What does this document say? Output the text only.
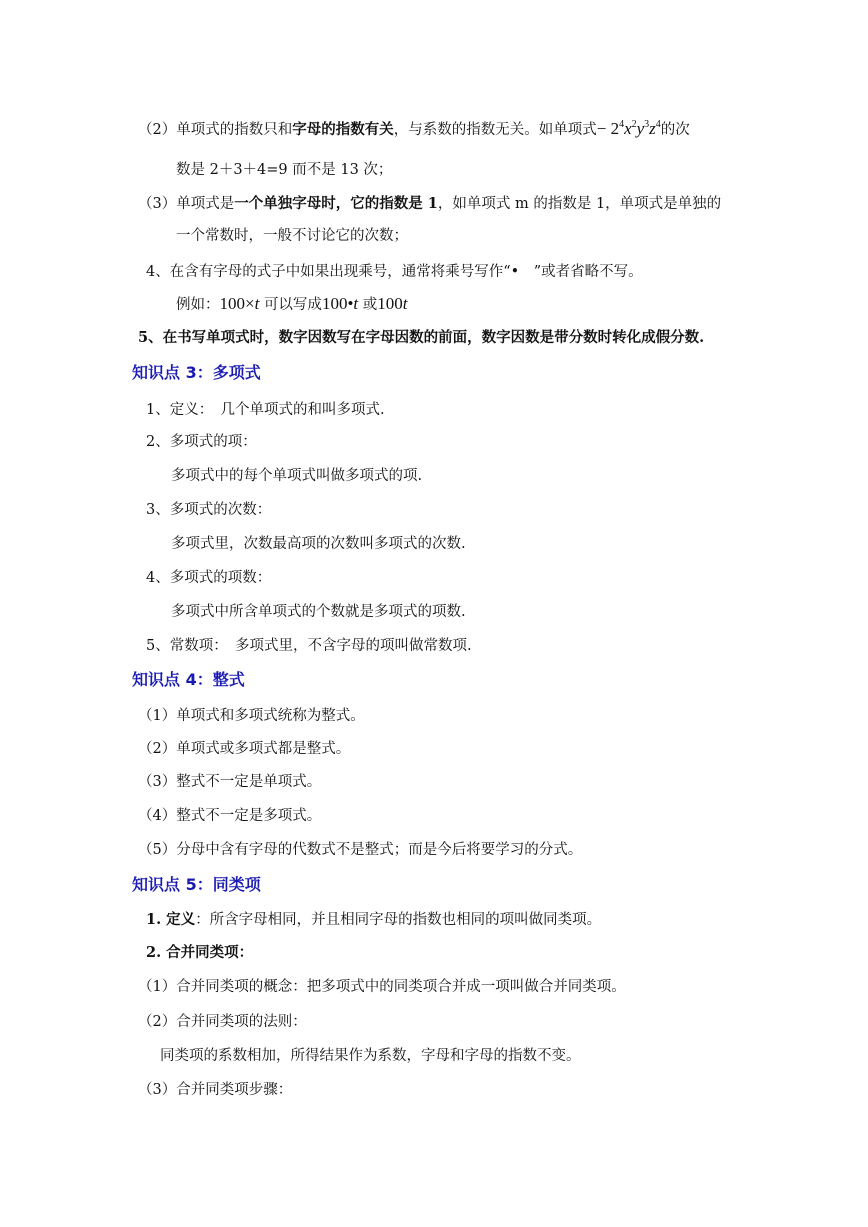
（2）单项式的指数只和字母的指数有关，与系数的指数无关。如单项式− $2^4x^2y^3z^4$的次
数是 2＋3＋4=9 而不是 13 次；
（3）单项式是一个单独字母时，它的指数是 1，如单项式 m 的指数是 1，单项式是单独的
一个常数时，一般不讨论它的次数；
4、在含有字母的式子中如果出现乘号，通常将乘号写作“•　”或者省略不写。
例如：100×t 可以写成100•t 或100t
5、在书写单项式时，数字因数写在字母因数的前面，数字因数是带分数时转化成假分数.
知识点 3：多项式
1、定义：　几个单项式的和叫多项式.
2、多项式的项：
多项式中的每个单项式叫做多项式的项.
3、多项式的次数：
多项式里，次数最高项的次数叫多项式的次数.
4、多项式的项数：
多项式中所含单项式的个数就是多项式的项数.
5、常数项：　多项式里，不含字母的项叫做常数项.
知识点 4：整式
（1）单项式和多项式统称为整式。
（2）单项式或多项式都是整式。
（3）整式不一定是单项式。
（4）整式不一定是多项式。
（5）分母中含有字母的代数式不是整式；而是今后将要学习的分式。
知识点 5：同类项
1. 定义：所含字母相同，并且相同字母的指数也相同的项叫做同类项。
2. 合并同类项：
（1）合并同类项的概念：把多项式中的同类项合并成一项叫做合并同类项。
（2）合并同类项的法则：
同类项的系数相加，所得结果作为系数，字母和字母的指数不变。
（3）合并同类项步骤：
